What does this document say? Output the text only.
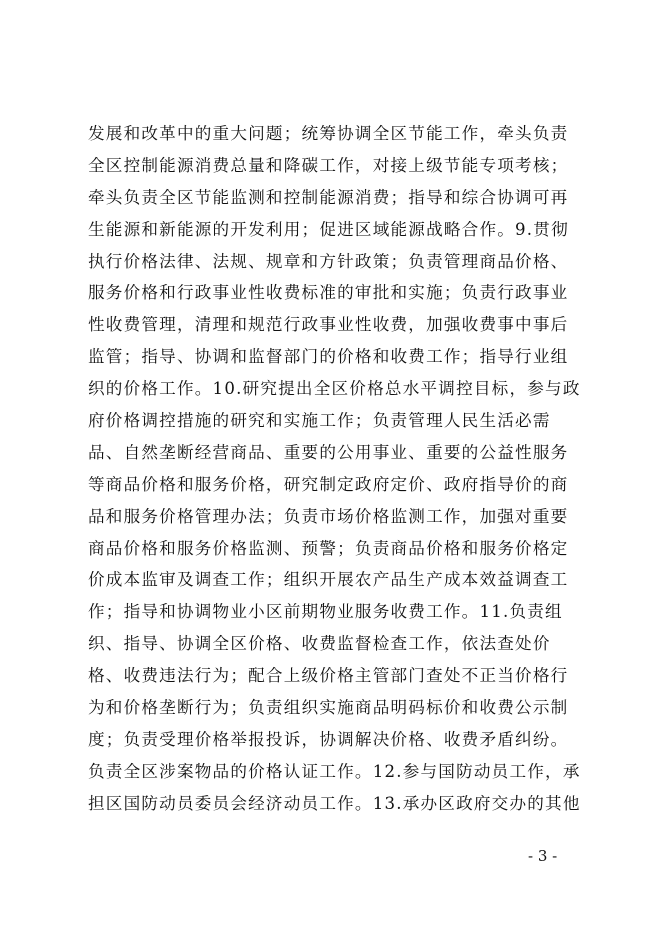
发展和改革中的重大问题；统筹协调全区节能工作，牵头负责
全区控制能源消费总量和降碳工作，对接上级节能专项考核；
牵头负责全区节能监测和控制能源消费；指导和综合协调可再
生能源和新能源的开发利用；促进区域能源战略合作。9.贯彻
执行价格法律、法规、规章和方针政策；负责管理商品价格、
服务价格和行政事业性收费标准的审批和实施；负责行政事业
性收费管理，清理和规范行政事业性收费，加强收费事中事后
监管；指导、协调和监督部门的价格和收费工作；指导行业组
织的价格工作。10.研究提出全区价格总水平调控目标，参与政
府价格调控措施的研究和实施工作；负责管理人民生活必需
品、自然垄断经营商品、重要的公用事业、重要的公益性服务
等商品价格和服务价格，研究制定政府定价、政府指导价的商
品和服务价格管理办法；负责市场价格监测工作，加强对重要
商品价格和服务价格监测、预警；负责商品价格和服务价格定
价成本监审及调查工作；组织开展农产品生产成本效益调查工
作；指导和协调物业小区前期物业服务收费工作。11.负责组
织、指导、协调全区价格、收费监督检查工作，依法查处价
格、收费违法行为；配合上级价格主管部门查处不正当价格行
为和价格垄断行为；负责组织实施商品明码标价和收费公示制
度；负责受理价格举报投诉，协调解决价格、收费矛盾纠纷。
负责全区涉案物品的价格认证工作。12.参与国防动员工作，承
担区国防动员委员会经济动员工作。13.承办区政府交办的其他
- 3 -
